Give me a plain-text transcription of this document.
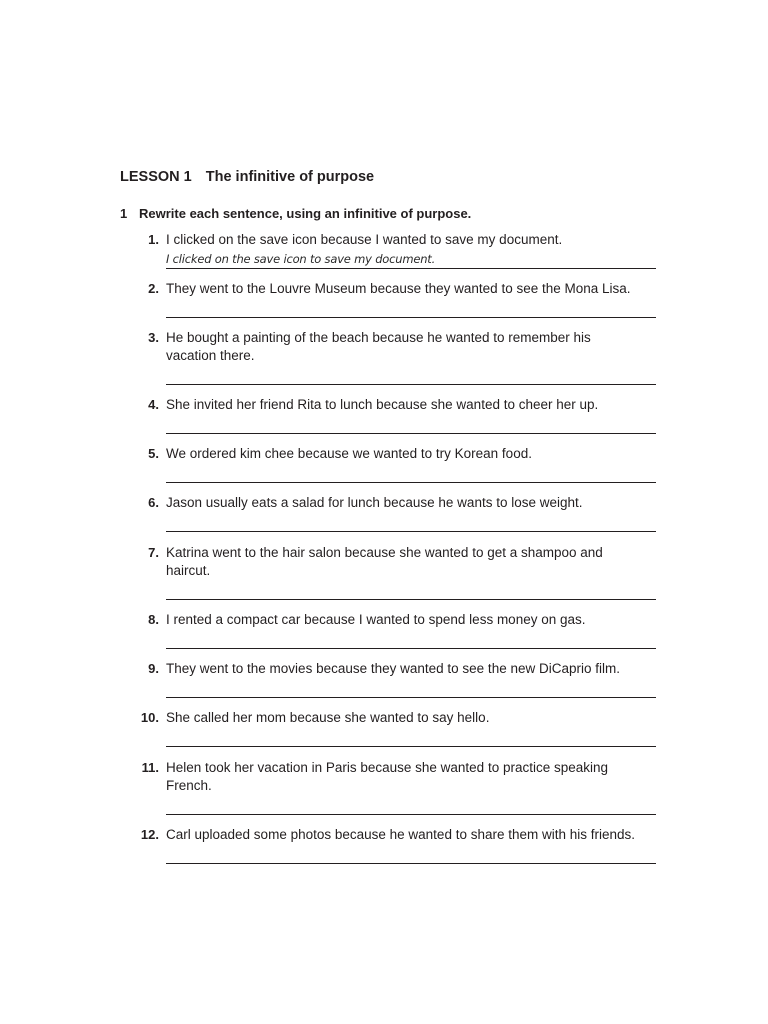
LESSON 1 The infinitive of purpose
1 Rewrite each sentence, using an infinitive of purpose.
1. I clicked on the save icon because I wanted to save my document.
I clicked on the save icon to save my document.
2. They went to the Louvre Museum because they wanted to see the Mona Lisa.
3. He bought a painting of the beach because he wanted to remember his vacation there.
4. She invited her friend Rita to lunch because she wanted to cheer her up.
5. We ordered kim chee because we wanted to try Korean food.
6. Jason usually eats a salad for lunch because he wants to lose weight.
7. Katrina went to the hair salon because she wanted to get a shampoo and haircut.
8. I rented a compact car because I wanted to spend less money on gas.
9. They went to the movies because they wanted to see the new DiCaprio film.
10. She called her mom because she wanted to say hello.
11. Helen took her vacation in Paris because she wanted to practice speaking French.
12. Carl uploaded some photos because he wanted to share them with his friends.
